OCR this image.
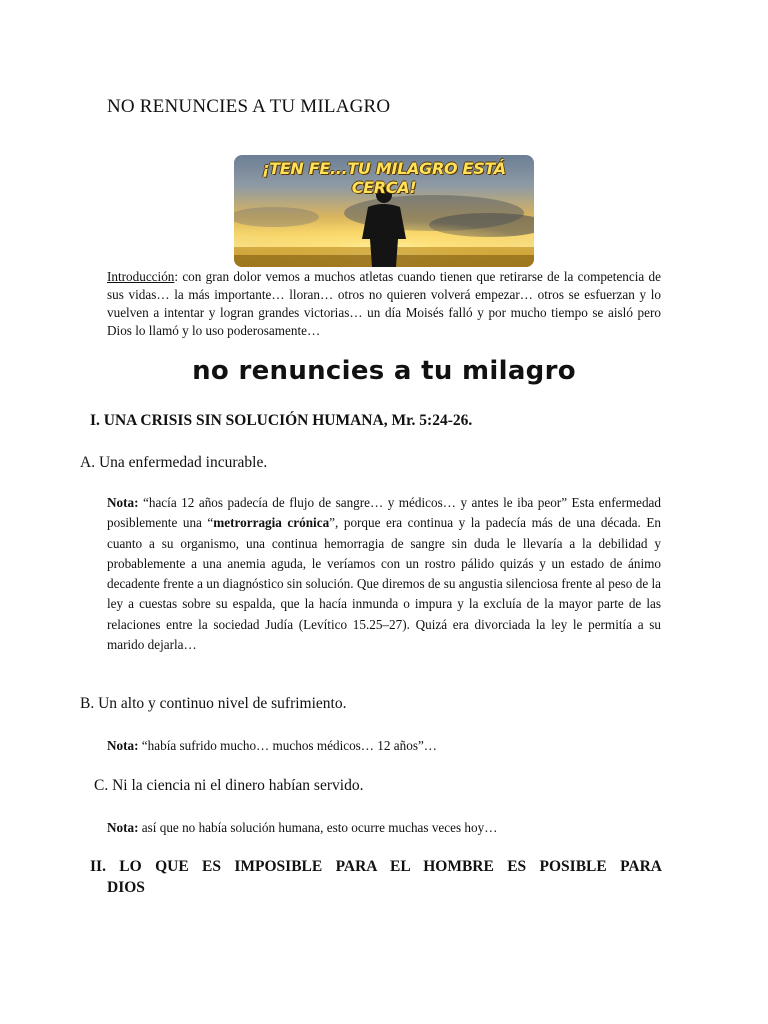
NO RENUNCIES A TU MILAGRO
¡TEN FE...TU MILAGRO ESTÁ CERCA!
Introducción: con gran dolor vemos a muchos atletas cuando tienen que retirarse de la competencia de sus vidas… la más importante… lloran… otros no quieren volverá empezar… otros se esfuerzan y lo vuelven a intentar y logran grandes victorias… un día Moisés falló y por mucho tiempo se aisló pero Dios lo llamó y lo uso poderosamente…
no renuncies a tu milagro
I. UNA CRISIS SIN SOLUCIÓN HUMANA, Mr. 5:24-26.
A. Una enfermedad incurable.
Nota: “hacía 12 años padecía de flujo de sangre… y médicos… y antes le iba peor” Esta enfermedad posiblemente una “metrorragia crónica”, porque era continua y la padecía más de una década. En cuanto a su organismo, una continua hemorragia de sangre sin duda le llevaría a la debilidad y probablemente a una anemia aguda, le veríamos con un rostro pálido quizás y un estado de ánimo decadente frente a un diagnóstico sin solución. Que diremos de su angustia silenciosa frente al peso de la ley a cuestas sobre su espalda, que la hacía inmunda o impura y la excluía de la mayor parte de las relaciones entre la sociedad Judía (Levítico 15.25–27). Quizá era divorciada la ley le permitía a su marido dejarla…
B. Un alto y continuo nivel de sufrimiento.
Nota: “había sufrido mucho… muchos médicos… 12 años”…
C. Ni la ciencia ni el dinero habían servido.
Nota: así que no había solución humana, esto ocurre muchas veces hoy…
II. LO QUE ES IMPOSIBLE PARA EL HOMBRE ES POSIBLE PARA
DIOS
